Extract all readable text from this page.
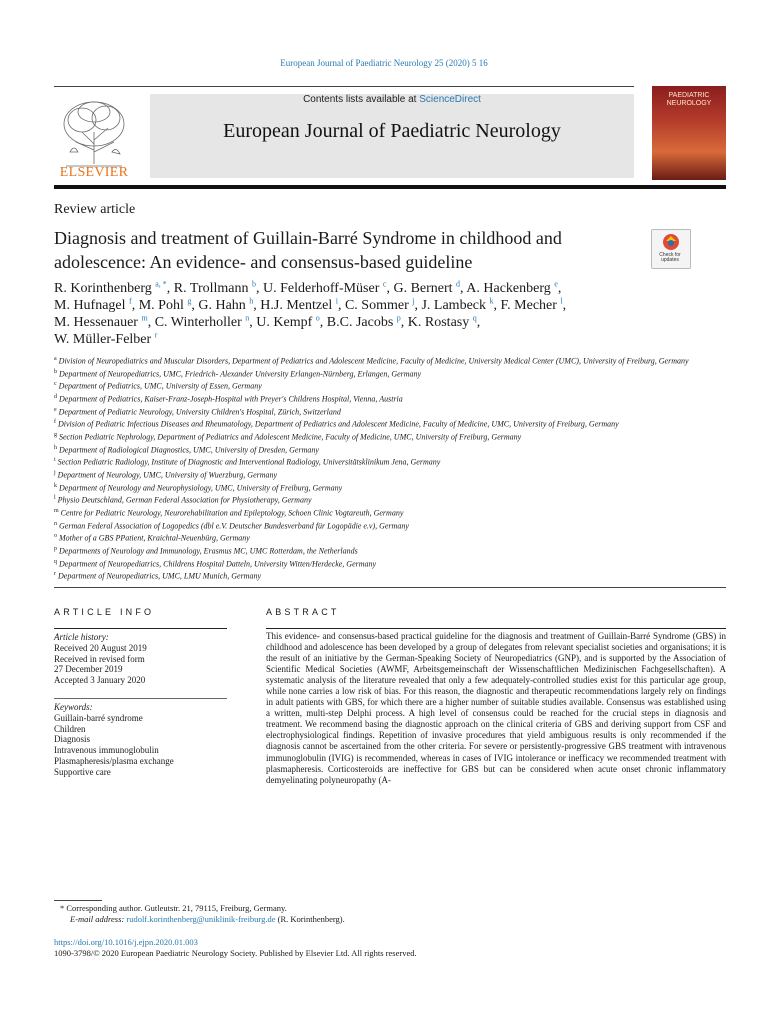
European Journal of Paediatric Neurology 25 (2020) 5 16
Contents lists available at ScienceDirect
European Journal of Paediatric Neurology
ELSEVIER
PAEDIATRIC NEUROLOGY
Review article
Diagnosis and treatment of Guillain-Barré Syndrome in childhood and adolescence: An evidence- and consensus-based guideline	Check for updates
R. Korinthenberg $^{a, *}$, R. Trollmann $^b$, U. Felderhoff-Müser $^c$, G. Bernert $^d$, A. Hackenberg $^e$,
M. Hufnagel $^f$, M. Pohl $^g$, G. Hahn $^h$, H.J. Mentzel $^i$, C. Sommer $^j$, J. Lambeck $^k$, F. Mecher $^l$,
M. Hessenauer $^m$, C. Winterholler $^n$, U. Kempf $^o$, B.C. Jacobs $^p$, K. Rostasy $^q$,
W. Müller-Felber $^r$
$^a$ Division of Neuropediatrics and Muscular Disorders, Department of Pediatrics and Adolescent Medicine, Faculty of Medicine, University Medical Center (UMC), University of Freiburg, Germany
$^b$ Department of Neuropediatrics, UMC, Friedrich- Alexander University Erlangen-Nürnberg, Erlangen, Germany
$^c$ Department of Pediatrics, UMC, University of Essen, Germany
$^d$ Department of Pediatrics, Kaiser-Franz-Joseph-Hospital with Preyer's Childrens Hospital, Vienna, Austria
$^e$ Department of Pediatric Neurology, University Children's Hospital, Zürich, Switzerland
$^f$ Division of Pediatric Infectious Diseases and Rheumatology, Department of Pediatrics and Adolescent Medicine, Faculty of Medicine, UMC, University of Freiburg, Germany
$^g$ Section Pediatric Nephrology, Department of Pediatrics and Adolescent Medicine, Faculty of Medicine, UMC, University of Freiburg, Germany
$^h$ Department of Radiological Diagnostics, UMC, University of Dresden, Germany
$^i$ Section Pediatric Radiology, Institute of Diagnostic and Interventional Radiology, Universitätsklinikum Jena, Germany
$^j$ Department of Neurology, UMC, University of Wuerzburg, Germany
$^k$ Department of Neurology and Neurophysiology, UMC, University of Freiburg, Germany
$^l$ Physio Deutschland, German Federal Association for Physiotherapy, Germany
$^m$ Centre for Pediatric Neurology, Neurorehabilitation and Epileptology, Schoen Clinic Vogtareuth, Germany
$^n$ German Federal Association of Logopedics (dbl e.V. Deutscher Bundesverband für Logopädie e.v), Germany
$^o$ Mother of a GBS PPatient, Kraichtal-Neuenbürg, Germany
$^p$ Departments of Neurology and Immunology, Erasmus MC, UMC Rotterdam, the Netherlands
$^q$ Department of Neuropediatrics, Childrens Hospital Datteln, University Witten/Herdecke, Germany
$^r$ Department of Neuropediatrics, UMC, LMU Munich, Germany
ARTICLE INFO	ABSTRACT
Article history:
Received 20 August 2019
Received in revised form
27 December 2019
Accepted 3 January 2020
Keywords:
Guillain-barré syndrome
Children
Diagnosis
Intravenous immunoglobulin
Plasmapheresis/plasma exchange
Supportive care
This evidence- and consensus-based practical guideline for the diagnosis and treatment of Guillain-Barré Syndrome (GBS) in childhood and adolescence has been developed by a group of delegates from relevant specialist societies and organisations; it is the result of an initiative by the German-Speaking Society of Neuropediatrics (GNP), and is supported by the Association of Scientific Medical Societies (AWMF, Arbeitsgemeinschaft der Wissenschaftlichen Medizinischen Fachgesellschaften). A systematic analysis of the literature revealed that only a few adequately-controlled studies exist for this particular age group, while none carries a low risk of bias. For this reason, the diagnostic and therapeutic recommendations largely rely on findings in adult patients with GBS, for which there are a higher number of suitable studies available. Consensus was established using a written, multi-step Delphi process. A high level of consensus could be reached for the crucial steps in diagnosis and treatment. We recommend basing the diagnostic approach on the clinical criteria of GBS and deriving support from CSF and electrophysiological findings. Repetition of invasive procedures that yield ambiguous results is only recommended if the diagnosis cannot be ascertained from the other criteria. For severe or persistently-progressive GBS treatment with intravenous immunoglobulin (IVIG) is recommended, whereas in cases of IVIG intolerance or inefficacy we recommended treatment with plasmapheresis. Corticosteroids are ineffective for GBS but can be considered when acute onset chronic inflammatory demyelinating polyneuropathy (A-
* Corresponding author. Gutleutstr. 21, 79115, Freiburg, Germany.
E-mail address: rudolf.korinthenberg@uniklinik-freiburg.de (R. Korinthenberg).
https://doi.org/10.1016/j.ejpn.2020.01.003
1090-3798/© 2020 European Paediatric Neurology Society. Published by Elsevier Ltd. All rights reserved.
